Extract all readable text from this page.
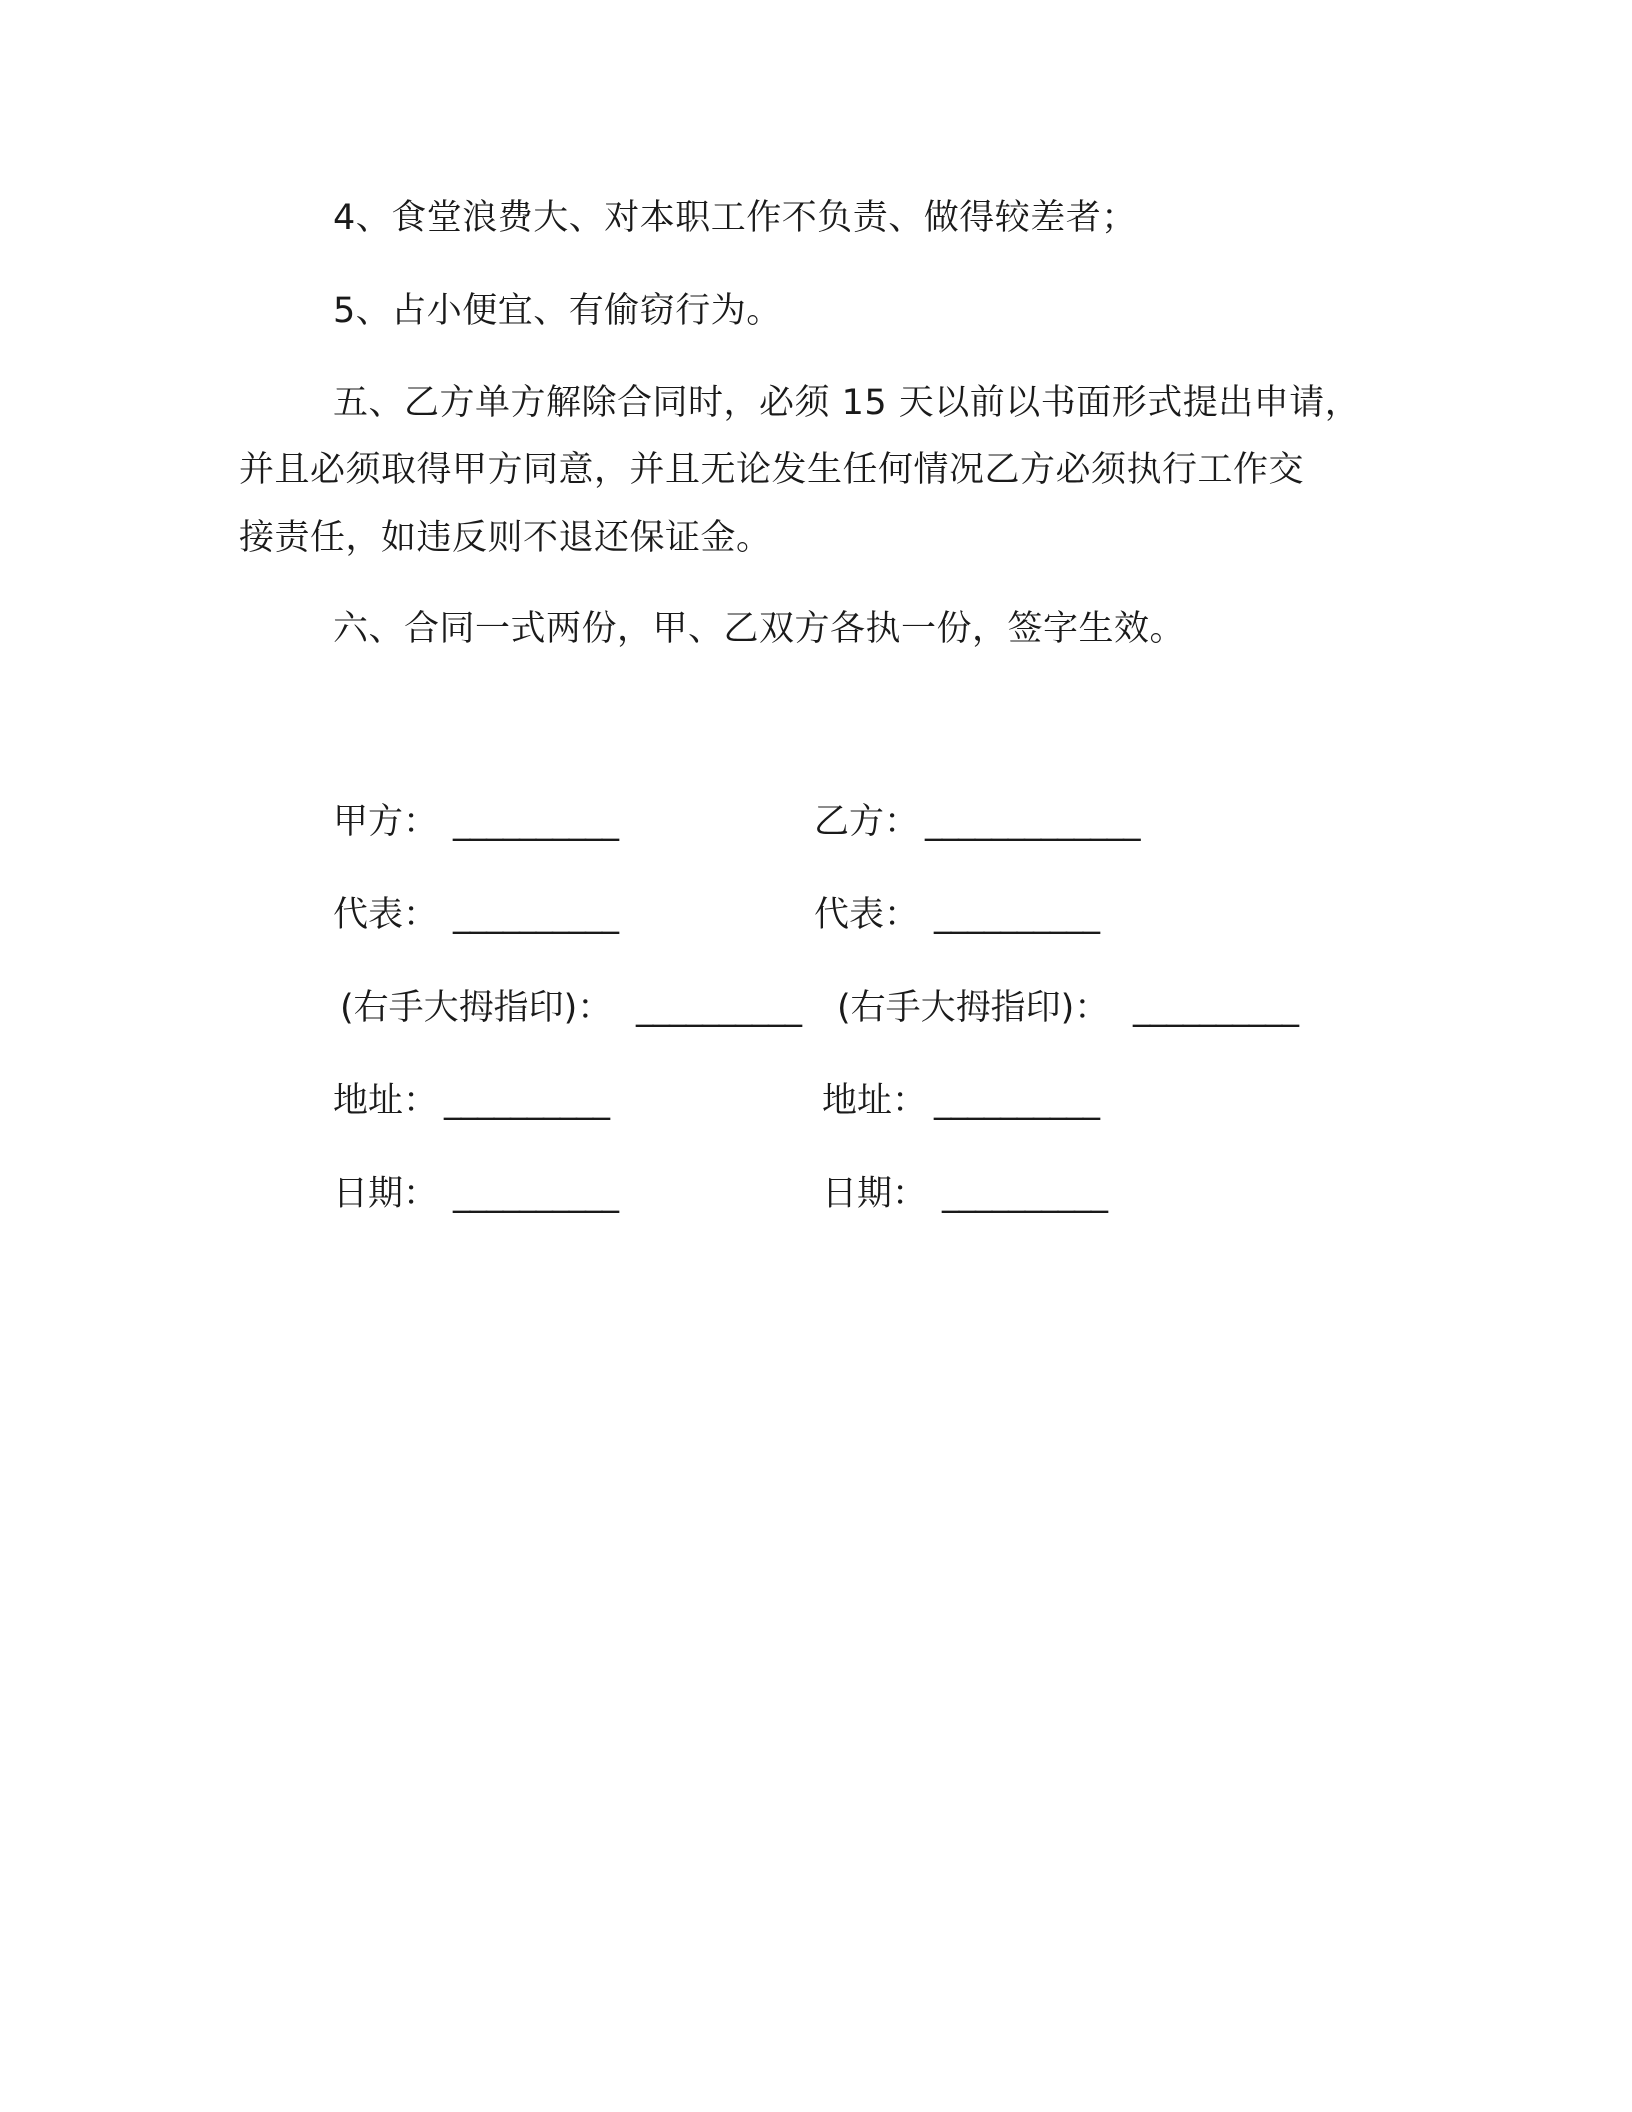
4、食堂浪费大、对本职工作不负责、做得较差者；
5、占小便宜、有偷窃行为。
五、乙方单方解除合同时，必须 15 天以前以书面形式提出申请，
并且必须取得甲方同意，并且无论发生任何情况乙方必须执行工作交
接责任，如违反则不退还保证金。
六、合同一式两份，甲、乙双方各执一份，签字生效。
甲方： __________	乙方： _____________
代表： __________	代表： __________
(右手大拇指印)： __________ (右手大拇指印)： __________
地址： __________	地址： __________
日期： __________	日期： __________
